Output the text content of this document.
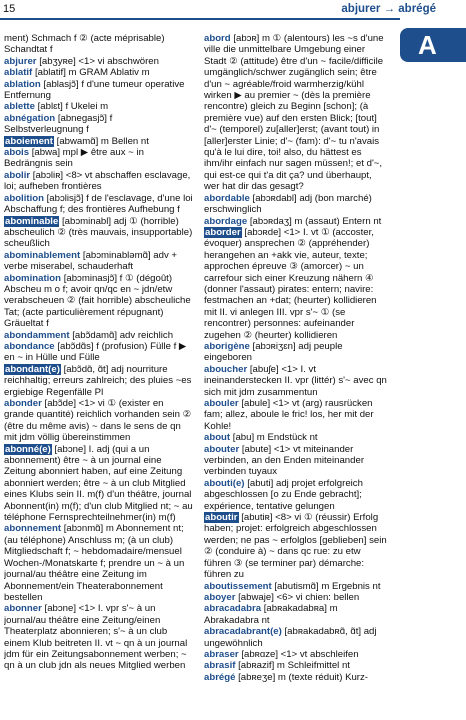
15	abjurer → abrégé
A

ment) Schmach f ② (acte méprisable) Schandtat f

abjurer [abʒyʀe] <1> vi abschwören

ablatif [ablatif] m GRAM Ablativ m

ablation [ablasjɔ̃] f d'une tumeur operative Entfernung

ablette [ablɛt] f Ukelei m

abnégation [abnegasjɔ̃] f Selbstverleugnung f

aboiement [abwamɑ̃] m Bellen nt

abois [abwa] mpl ▶ être aux ~ in Bedrängnis sein

abolir [abɔliʀ] <8> vt abschaffen esclavage, loi; aufheben frontières

abolition [abɔlisjɔ̃] f de l'esclavage, d'une loi Abschaffung f; des frontières Aufhebung f

abominable [abɔminabl] adj ① (horrible) abscheulich ② (très mauvais, insupportable) scheußlich

abominablement [abɔminabləmɑ̃] adv + verbe miserabel, schauderhaft

abomination [abɔminasjɔ̃] f ① (dégoût) Abscheu m o f; avoir qn/qc en ~ jdn/etw verabscheuen ② (fait horrible) abscheuliche Tat; (acte particulièrement répugnant) Gräueltat f

abondamment [abɔ̃damɑ̃] adv reichlich

abondance [abɔ̃dɑ̃s] f (profusion) Fülle f ▶ en ~ in Hülle und Fülle

abondant(e) [abɔ̃dɑ̃, ɑ̃t] adj nourriture reichhaltig; erreurs zahlreich; des pluies ~es ergiebige Regenfälle Pl

abonder [abɔ̃de] <1> vi ① (exister en grande quantité) reichlich vorhanden sein ② (être du même avis) ~ dans le sens de qn mit jdm völlig übereinstimmen

abonné(e) [abɔne] I. adj (qui a un abonnement) être ~ à un journal eine Zeitung abonniert haben, auf eine Zeitung abonniert werden; être ~ à un club Mitglied eines Klubs sein II. m(f) d'un théâtre, journal Abonnent(in) m(f); d'un club Mitglied nt; ~ au téléphone Fernsprechteilnehmer(in) m(f)

abonnement [abɔnmɑ̃] m Abonnement nt; (au téléphone) Anschluss m; (à un club) Mitgliedschaft f; ~ hebdomadaire/mensuel Wochen-/Monatskarte f; prendre un ~ à un journal/au théâtre eine Zeitung im Abonnement/ein Theaterabonnement bestellen

abonner [abɔne] <1> I. vpr s'~ à un journal/au théâtre eine Zeitung/einen Theaterplatz abonnieren; s'~ à un club einem Klub beitreten II. vt ~ qn à un journal jdm für ein Zeitungsabonnement werben; ~ qn à un club jdn als neues Mitglied werben

abord [abɔʀ] m ① (alentours) les ~s d'une ville die unmittelbare Umgebung einer Stadt ② (attitude) être d'un ~ facile/difficile umgänglich/schwer zugänglich sein; être d'un ~ agréable/froid warmherzig/kühl wirken ▶ au premier ~ (dès la première rencontre) gleich zu Beginn [schon]; (à première vue) auf den ersten Blick; [tout] d'~ (temporel) zu[aller]erst; (avant tout) in [aller]erster Linie; d'~ (fam): d'~ tu n'avais qu'à le lui dire, toi! also, du hättest es ihm/ihr einfach nur sagen müssen!; et d'~, qui est-ce qui t'a dit ça? und überhaupt, wer hat dir das gesagt?

abordable [abɔʀdabl] adj (bon marché) erschwinglich

abordage [abɔʀdaʒ] m (assaut) Entern nt

aborder [abɔʀde] <1> I. vt ① (accoster, évoquer) ansprechen ② (appréhender) herangehen an +akk vie, auteur, texte; approchen épreuve ③ (amorcer) ~ un carrefour sich einer Kreuzung nähern ④ (donner l'assaut) pirates: entern; navire: festmachen an +dat; (heurter) kollidieren mit II. vi anlegen III. vpr s'~ ① (se rencontrer) personnes: aufeinander zugehen ② (heurter) kollidieren

aborigène [abɔʀiʒɛn] adj peuple eingeboren

aboucher [abuʃe] <1> I. vt ineinanderstecken II. vpr (littér) s'~ avec qn sich mit jdm zusammentun

abouler [abule] <1> vt (arg) rausrücken fam; allez, aboule le fric! los, her mit der Kohle!

about [abu] m Endstück nt

abouter [abute] <1> vt miteinander verbinden, an den Enden miteinander verbinden tuyaux

abouti(e) [abuti] adj projet erfolgreich abgeschlossen [o zu Ende gebracht]; expérience, tentative gelungen

aboutir [abutiʀ] <8> vi ① (réussir) Erfolg haben; projet: erfolgreich abgeschlossen werden; ne pas ~ erfolglos [geblieben] sein ② (conduire à) ~ dans qc rue: zu etw führen ③ (se terminer par) démarche: führen zu

aboutissement [abutismɑ̃] m Ergebnis nt

aboyer [abwaje] <6> vi chien: bellen

abracadabra [abʀakadabʀa] m Abrakadabra nt

abracadabrant(e) [abʀakadabʀɑ̃, ɑ̃t] adj ungewöhnlich

abraser [abʀɑze] <1> vt abschleifen

abrasif [abʀazif] m Schleifmittel nt

abrégé [abʀeʒe] m (texte réduit) Kurz-
